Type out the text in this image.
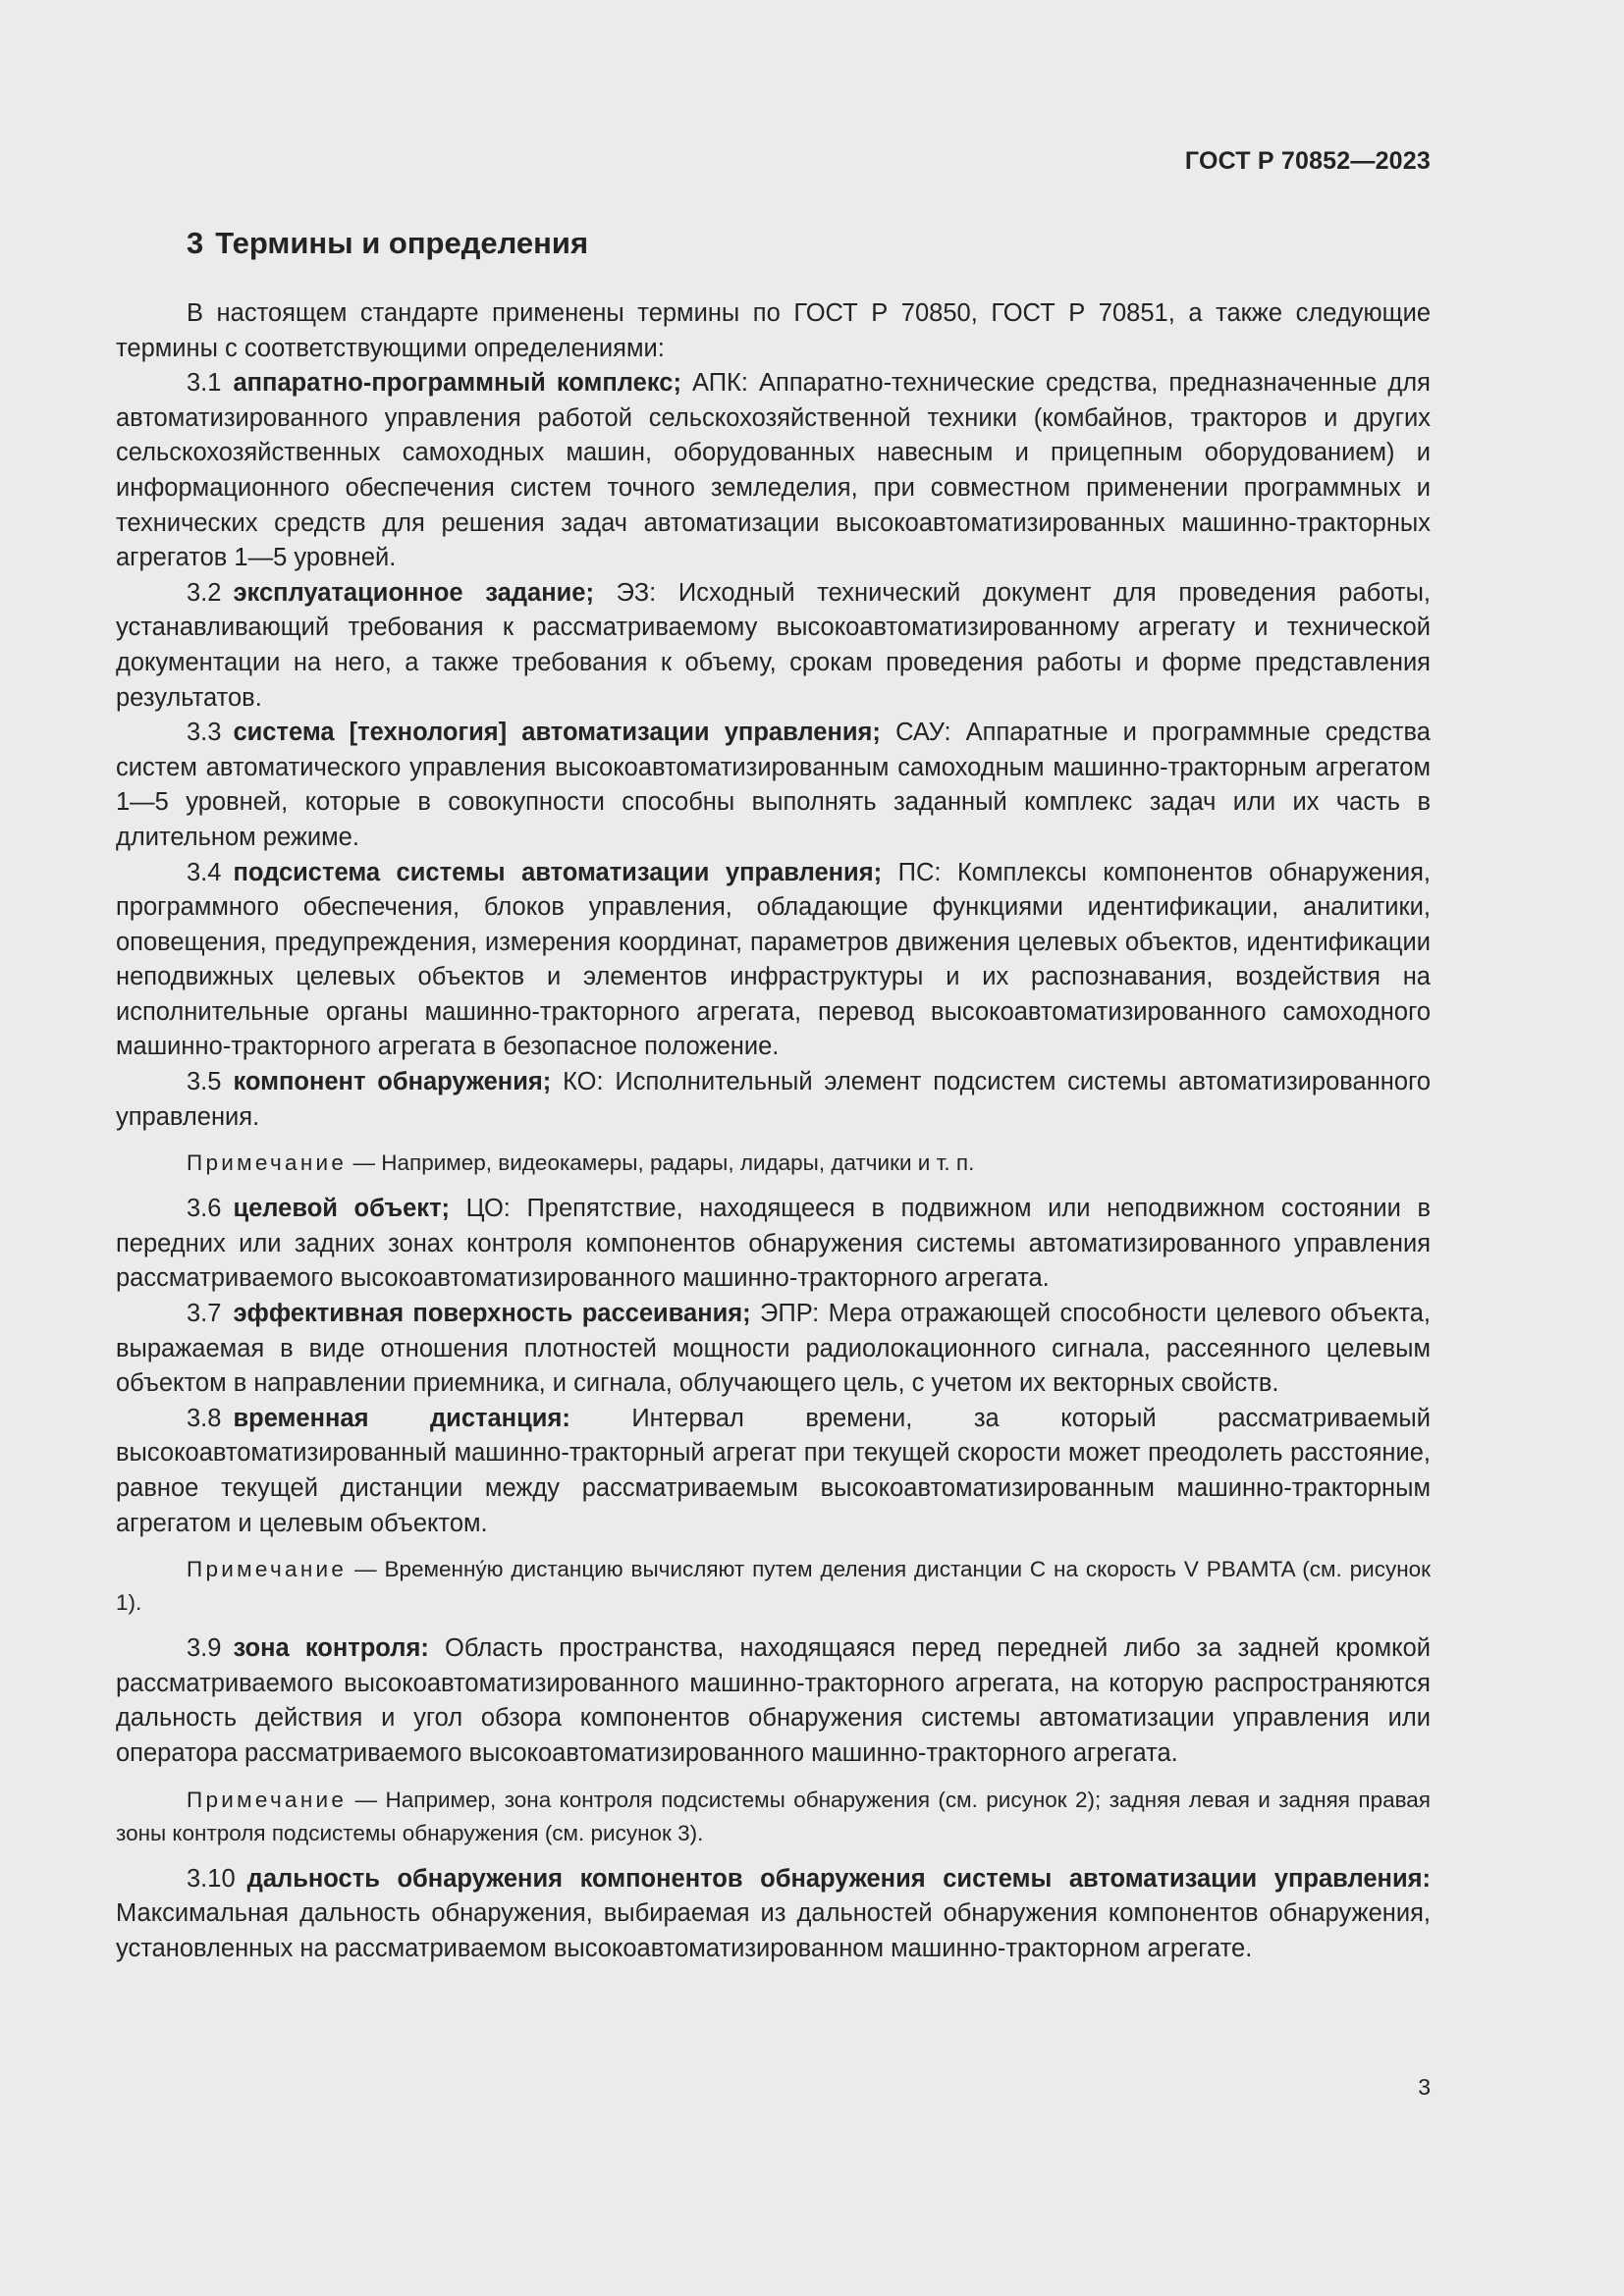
ГОСТ Р 70852—2023
3 Термины и определения

В настоящем стандарте применены термины по ГОСТ Р 70850, ГОСТ Р 70851, а также следующие термины с соответствующими определениями:

3.1 аппаратно-программный комплекс; АПК: Аппаратно-технические средства, предназначенные для автоматизированного управления работой сельскохозяйственной техники (комбайнов, тракторов и других сельскохозяйственных самоходных машин, оборудованных навесным и прицепным оборудованием) и информационного обеспечения систем точного земледелия, при совместном применении программных и технических средств для решения задач автоматизации высокоавтоматизированных машинно-тракторных агрегатов 1—5 уровней.

3.2 эксплуатационное задание; ЭЗ: Исходный технический документ для проведения работы, устанавливающий требования к рассматриваемому высокоавтоматизированному агрегату и технической документации на него, а также требования к объему, срокам проведения работы и форме представления результатов.

3.3 система [технология] автоматизации управления; САУ: Аппаратные и программные средства систем автоматического управления высокоавтоматизированным самоходным машинно-тракторным агрегатом 1—5 уровней, которые в совокупности способны выполнять заданный комплекс задач или их часть в длительном режиме.

3.4 подсистема системы автоматизации управления; ПС: Комплексы компонентов обнаружения, программного обеспечения, блоков управления, обладающие функциями идентификации, аналитики, оповещения, предупреждения, измерения координат, параметров движения целевых объектов, идентификации неподвижных целевых объектов и элементов инфраструктуры и их распознавания, воздействия на исполнительные органы машинно-тракторного агрегата, перевод высокоавтоматизированного самоходного машинно-тракторного агрегата в безопасное положение.

3.5 компонент обнаружения; КО: Исполнительный элемент подсистем системы автоматизированного управления.

Примечание — Например, видеокамеры, радары, лидары, датчики и т. п.

3.6 целевой объект; ЦО: Препятствие, находящееся в подвижном или неподвижном состоянии в передних или задних зонах контроля компонентов обнаружения системы автоматизированного управления рассматриваемого высокоавтоматизированного машинно-тракторного агрегата.

3.7 эффективная поверхность рассеивания; ЭПР: Мера отражающей способности целевого объекта, выражаемая в виде отношения плотностей мощности радиолокационного сигнала, рассеянного целевым объектом в направлении приемника, и сигнала, облучающего цель, с учетом их векторных свойств.

3.8 временная дистанция: Интервал времени, за который рассматриваемый высокоавтоматизированный машинно-тракторный агрегат при текущей скорости может преодолеть расстояние, равное текущей дистанции между рассматриваемым высокоавтоматизированным машинно-тракторным агрегатом и целевым объектом.

Примечание — Временну́ю дистанцию вычисляют путем деления дистанции С на скорость V PBAMTA (см. рисунок 1).

3.9 зона контроля: Область пространства, находящаяся перед передней либо за задней кромкой рассматриваемого высокоавтоматизированного машинно-тракторного агрегата, на которую распространяются дальность действия и угол обзора компонентов обнаружения системы автоматизации управления или оператора рассматриваемого высокоавтоматизированного машинно-тракторного агрегата.

Примечание — Например, зона контроля подсистемы обнаружения (см. рисунок 2); задняя левая и задняя правая зоны контроля подсистемы обнаружения (см. рисунок 3).

3.10 дальность обнаружения компонентов обнаружения системы автоматизации управления: Максимальная дальность обнаружения, выбираемая из дальностей обнаружения компонентов обнаружения, установленных на рассматриваемом высокоавтоматизированном машинно-тракторном агрегате.

3
